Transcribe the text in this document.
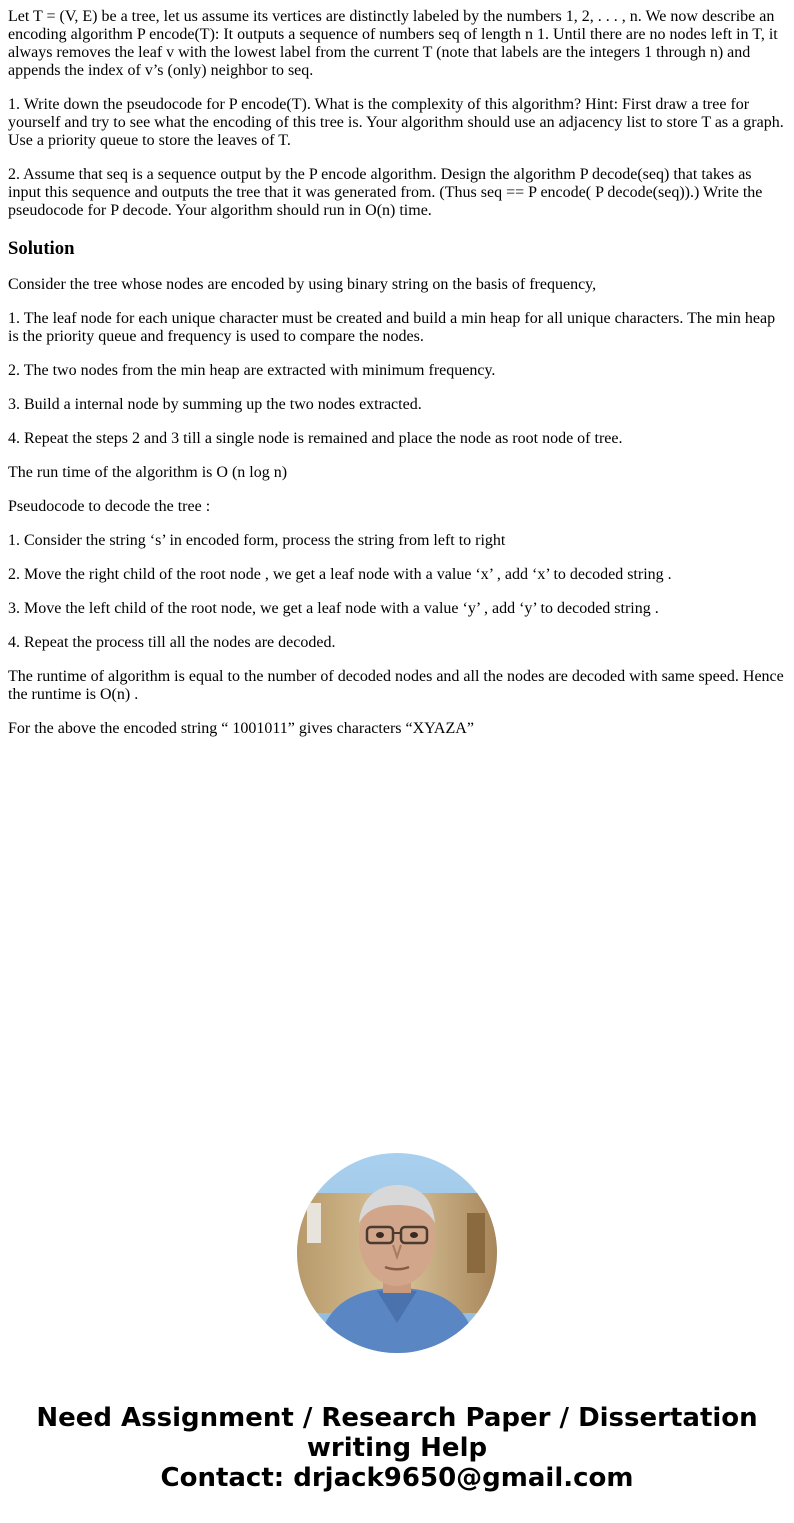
Let T = (V, E) be a tree, let us assume its vertices are distinctly labeled by the numbers 1, 2, . . . , n. We now describe an encoding algorithm P encode(T): It outputs a sequence of numbers seq of length n 1. Until there are no nodes left in T, it always removes the leaf v with the lowest label from the current T (note that labels are the integers 1 through n) and appends the index of v’s (only) neighbor to seq.

1. Write down the pseudocode for P encode(T). What is the complexity of this algorithm? Hint: First draw a tree for yourself and try to see what the encoding of this tree is. Your algorithm should use an adjacency list to store T as a graph. Use a priority queue to store the leaves of T.

2. Assume that seq is a sequence output by the P encode algorithm. Design the algorithm P decode(seq) that takes as input this sequence and outputs the tree that it was generated from. (Thus seq == P encode( P decode(seq)).) Write the pseudocode for P decode. Your algorithm should run in O(n) time.

Solution

Consider the tree whose nodes are encoded by using binary string on the basis of frequency,

1. The leaf node for each unique character must be created and build a min heap for all unique characters. The min heap is the priority queue and frequency is used to compare the nodes.

2. The two nodes from the min heap are extracted with minimum frequency.

3. Build a internal node by summing up the two nodes extracted.

4. Repeat the steps 2 and 3 till a single node is remained and place the node as root node of tree.

The run time of the algorithm is O (n log n)

Pseudocode to decode the tree :

1. Consider the string ‘s’ in encoded form, process the string from left to right

2. Move the right child of the root node , we get a leaf node with a value ‘x’ , add ‘x’ to decoded string .

3. Move the left child of the root node, we get a leaf node with a value ‘y’ , add ‘y’ to decoded string .

4. Repeat the process till all the nodes are decoded.

The runtime of algorithm is equal to the number of decoded nodes and all the nodes are decoded with same speed. Hence the runtime is O(n) .

For the above the encoded string “ 1001011” gives characters “XYAZA”

Need Assignment / Research Paper / Dissertation
writing Help
Contact: drjack9650@gmail.com
